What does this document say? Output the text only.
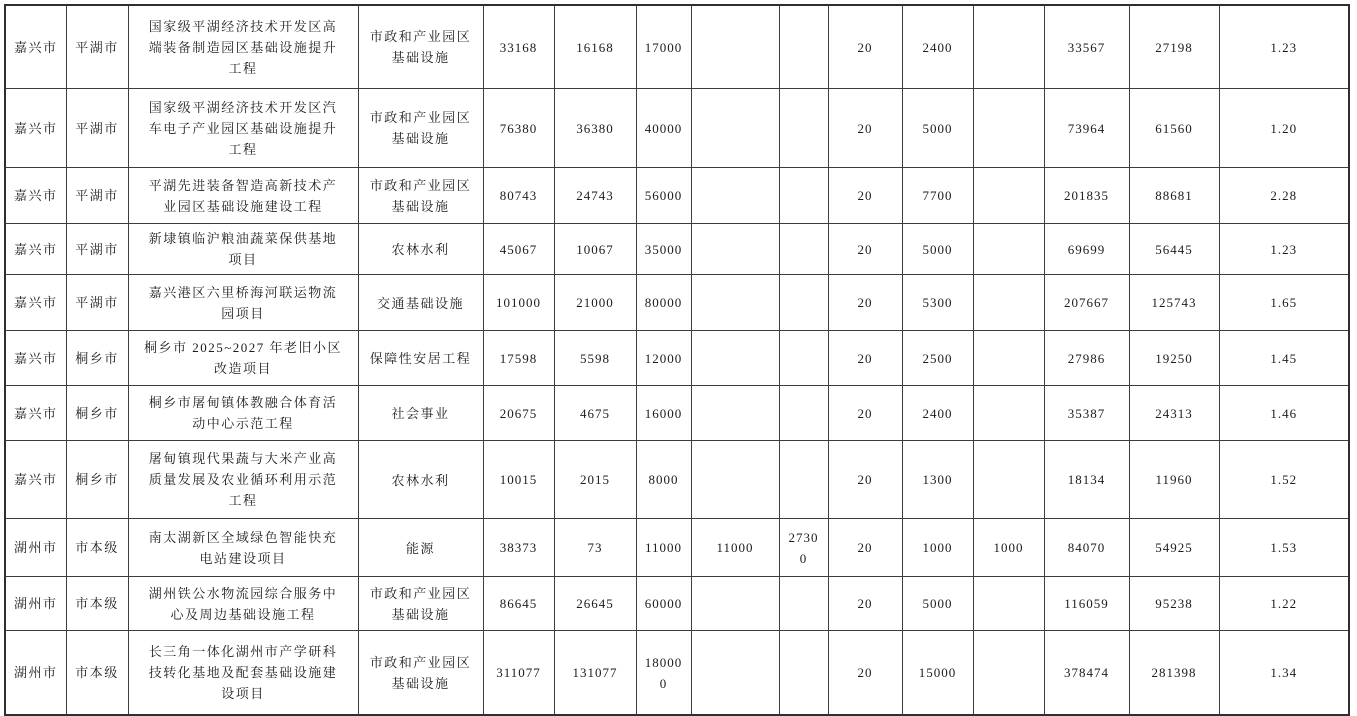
嘉兴市	平湖市	国家级平湖经济技术开发区高端装备制造园区基础设施提升工程	市政和产业园区基础设施	33168	16168	17000			20	2400		33567	27198	1.23
嘉兴市	平湖市	国家级平湖经济技术开发区汽车电子产业园区基础设施提升工程	市政和产业园区基础设施	76380	36380	40000			20	5000		73964	61560	1.20
嘉兴市	平湖市	平湖先进装备智造高新技术产业园区基础设施建设工程	市政和产业园区基础设施	80743	24743	56000			20	7700		201835	88681	2.28
嘉兴市	平湖市	新埭镇临沪粮油蔬菜保供基地项目	农林水利	45067	10067	35000			20	5000		69699	56445	1.23
嘉兴市	平湖市	嘉兴港区六里桥海河联运物流园项目	交通基础设施	101000	21000	80000			20	5300		207667	125743	1.65
嘉兴市	桐乡市	桐乡市 2025~2027 年老旧小区改造项目	保障性安居工程	17598	5598	12000			20	2500		27986	19250	1.45
嘉兴市	桐乡市	桐乡市屠甸镇体教融合体育活动中心示范工程	社会事业	20675	4675	16000			20	2400		35387	24313	1.46
嘉兴市	桐乡市	屠甸镇现代果蔬与大米产业高质量发展及农业循环利用示范工程	农林水利	10015	2015	8000			20	1300		18134	11960	1.52
湖州市	市本级	南太湖新区全域绿色智能快充电站建设项目	能源	38373	73	11000	11000	27300	20	1000	1000	84070	54925	1.53
湖州市	市本级	湖州铁公水物流园综合服务中心及周边基础设施工程	市政和产业园区基础设施	86645	26645	60000			20	5000		116059	95238	1.22
湖州市	市本级	长三角一体化湖州市产学研科技转化基地及配套基础设施建设项目	市政和产业园区基础设施	311077	131077	180000			20	15000		378474	281398	1.34
